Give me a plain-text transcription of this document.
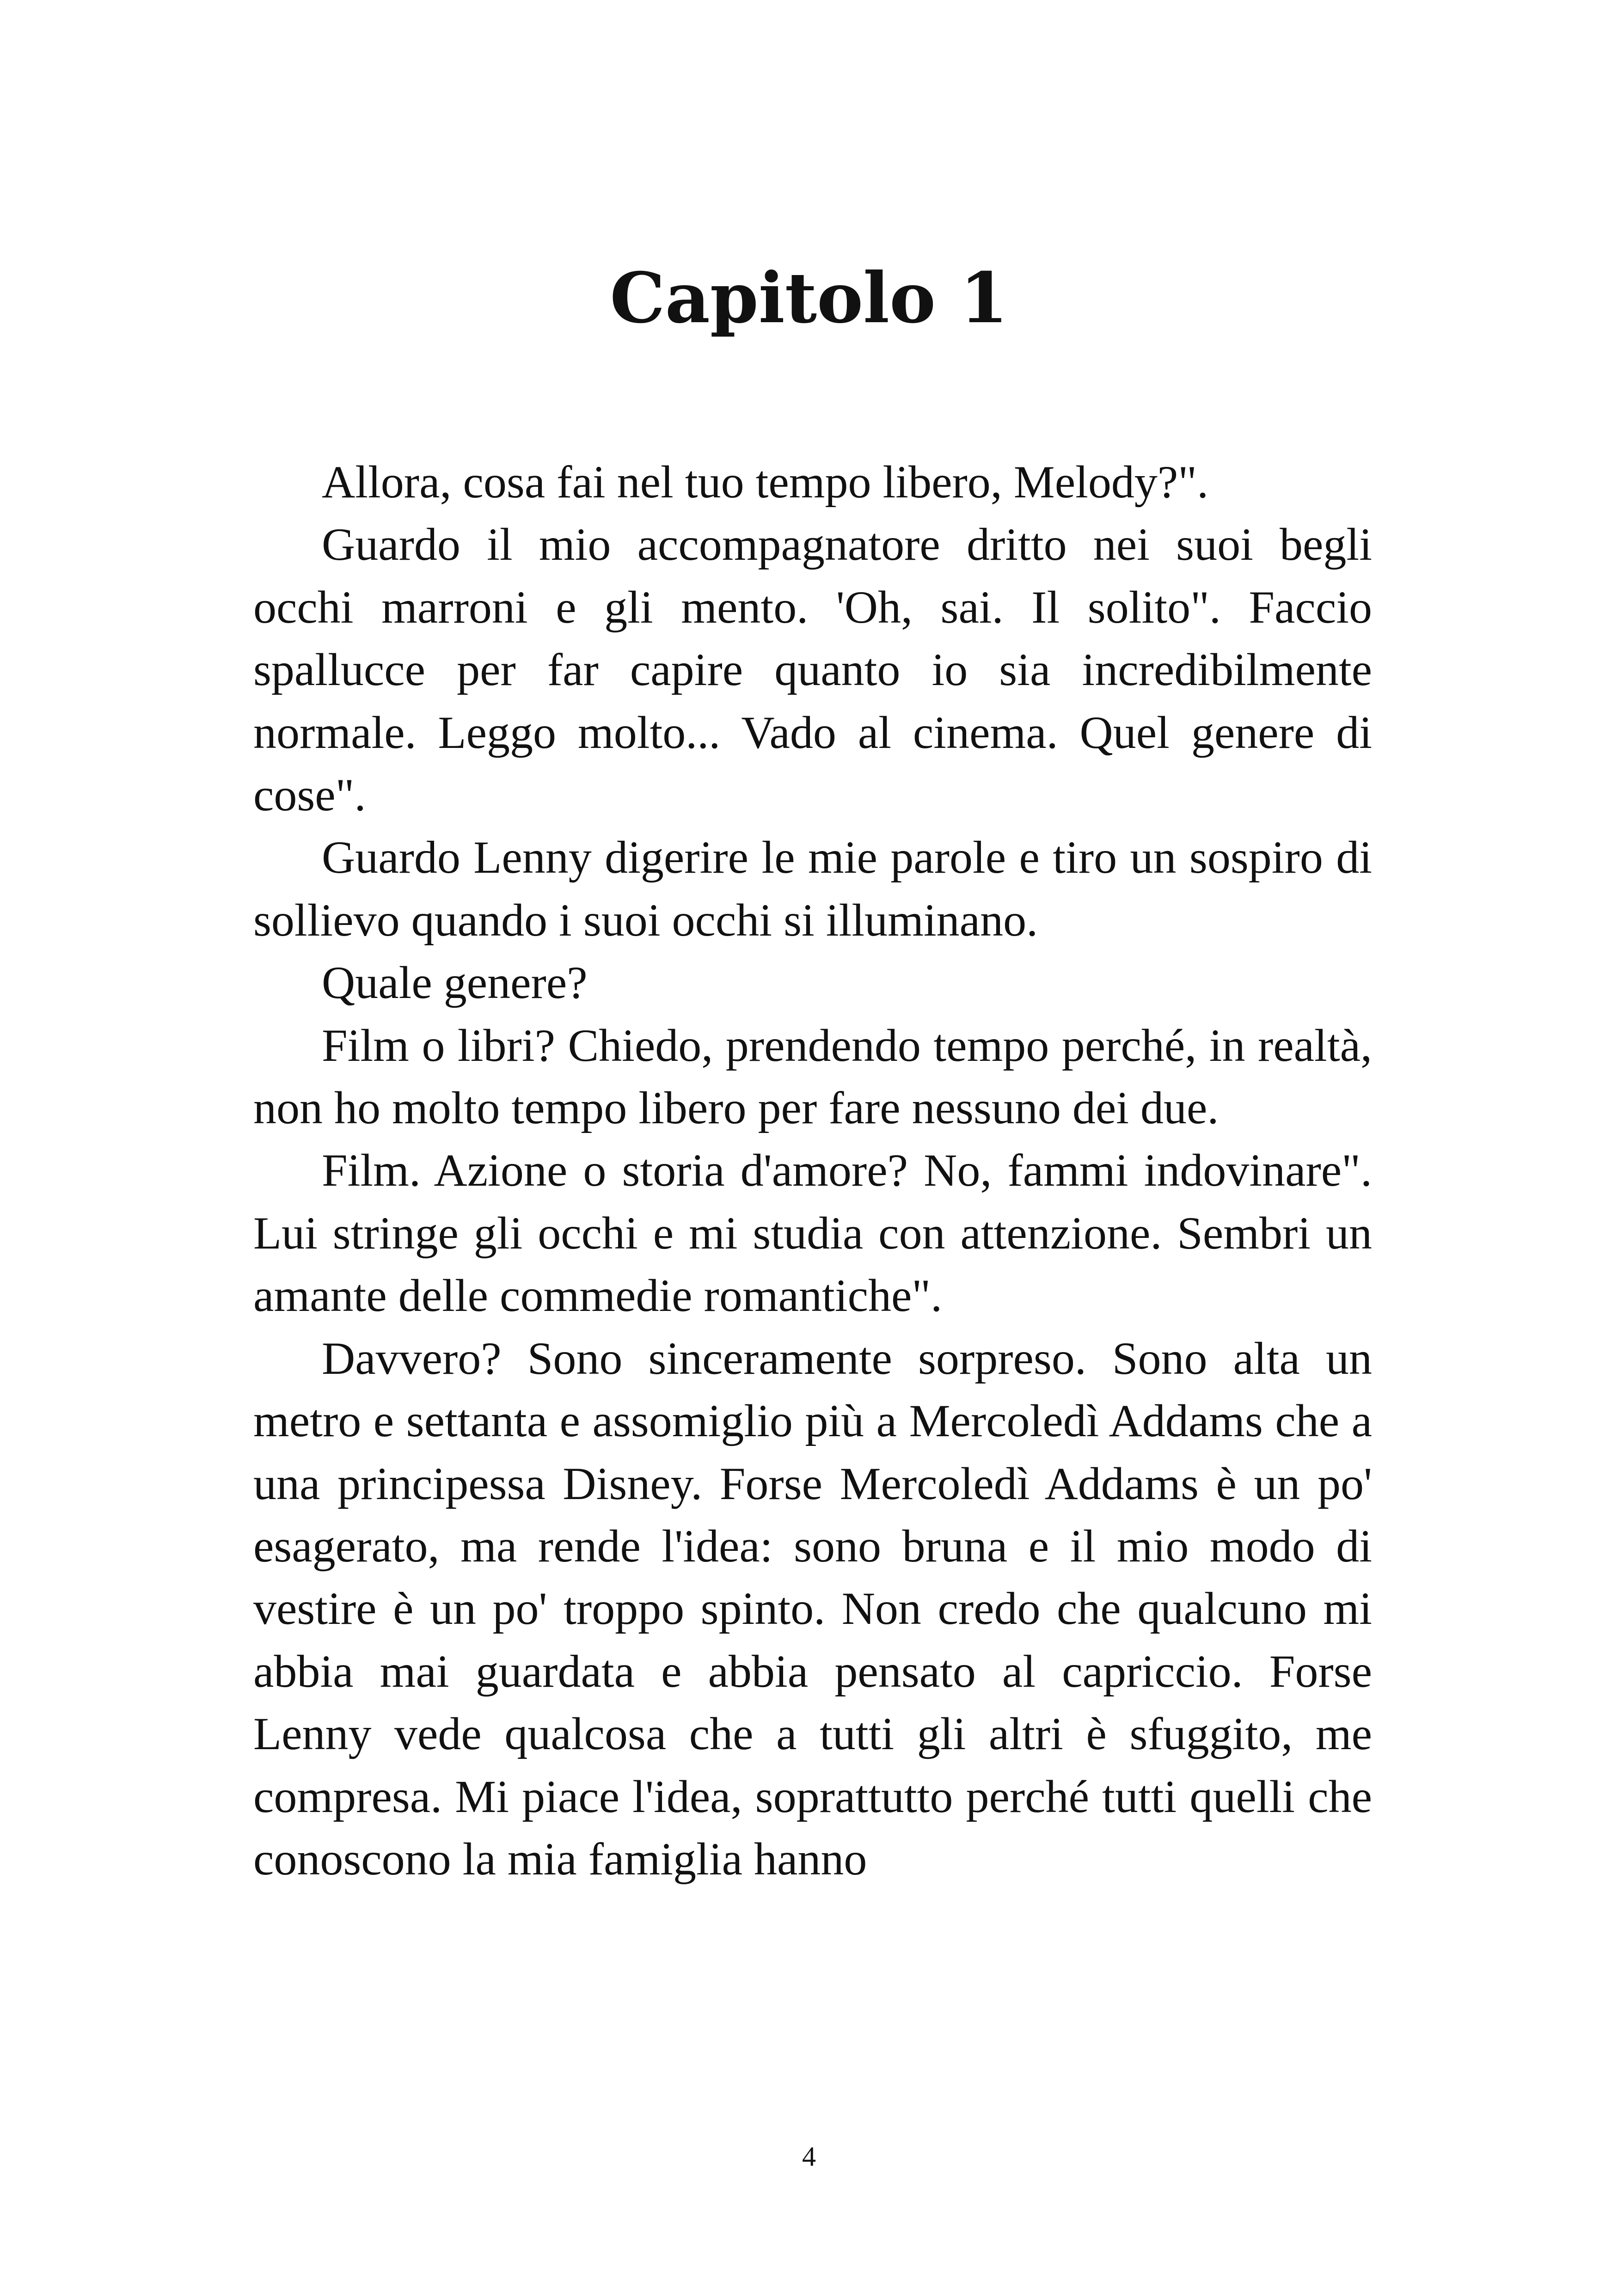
Capitolo 1

Allora, cosa fai nel tuo tempo libero, Melody?".

Guardo il mio accompagnatore dritto nei suoi begli occhi marroni e gli mento. 'Oh, sai. Il solito". Faccio spallucce per far capire quanto io sia incredibilmente normale. Leggo molto... Vado al cinema. Quel genere di cose".

Guardo Lenny digerire le mie parole e tiro un sospiro di sollievo quando i suoi occhi si illuminano.

Quale genere?

Film o libri? Chiedo, prendendo tempo perché, in realtà, non ho molto tempo libero per fare nessuno dei due.

Film. Azione o storia d'amore? No, fammi indovinare". Lui stringe gli occhi e mi studia con attenzione. Sembri un amante delle commedie romantiche".

Davvero? Sono sinceramente sorpreso. Sono alta un metro e settanta e assomiglio più a Mercoledì Addams che a una principessa Disney. Forse Mercoledì Addams è un po' esagerato, ma rende l'idea: sono bruna e il mio modo di vestire è un po' troppo spinto. Non credo che qualcuno mi abbia mai guardata e abbia pensato al capriccio. Forse Lenny vede qualcosa che a tutti gli altri è sfuggito, me compresa. Mi piace l'idea, soprattutto perché tutti quelli che conoscono la mia famiglia hanno

4
